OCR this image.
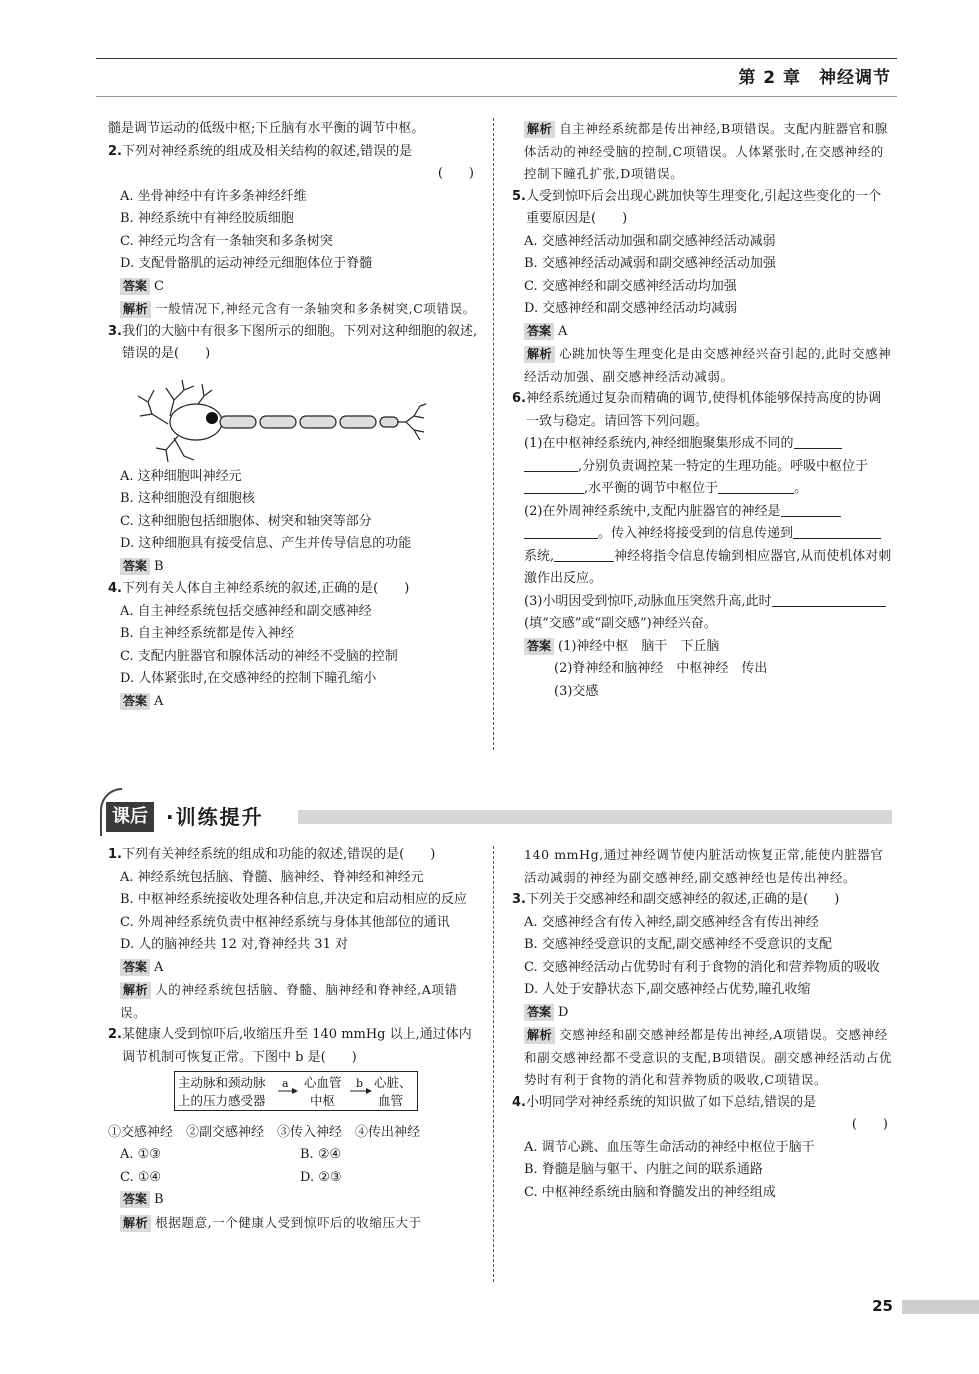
第 2 章　神经调节
髓是调节运动的低级中枢;下丘脑有水平衡的调节中枢。
2.下列对神经系统的组成及相关结构的叙述,错误的是
(　　)
A. 坐骨神经中有许多条神经纤维
B. 神经系统中有神经胶质细胞
C. 神经元均含有一条轴突和多条树突
D. 支配骨骼肌的运动神经元细胞体位于脊髓
答案 C
解析 一般情况下,神经元含有一条轴突和多条树突,C项错误。
3.我们的大脑中有很多下图所示的细胞。下列对这种细胞的叙述,错误的是(　　)
A. 这种细胞叫神经元
B. 这种细胞没有细胞核
C. 这种细胞包括细胞体、树突和轴突等部分
D. 这种细胞具有接受信息、产生并传导信息的功能
答案 B
4.下列有关人体自主神经系统的叙述,正确的是(　　)
A. 自主神经系统包括交感神经和副交感神经
B. 自主神经系统都是传入神经
C. 支配内脏器官和腺体活动的神经不受脑的控制
D. 人体紧张时,在交感神经的控制下瞳孔缩小
答案 A
解析 自主神经系统都是传出神经,B项错误。支配内脏器官和腺体活动的神经受脑的控制,C项错误。人体紧张时,在交感神经的控制下瞳孔扩张,D项错误。
5.人受到惊吓后会出现心跳加快等生理变化,引起这些变化的一个重要原因是(　　)
A. 交感神经活动加强和副交感神经活动减弱
B. 交感神经活动减弱和副交感神经活动加强
C. 交感神经和副交感神经活动均加强
D. 交感神经和副交感神经活动均减弱
答案 A
解析 心跳加快等生理变化是由交感神经兴奋引起的,此时交感神经活动加强、副交感神经活动减弱。
6.神经系统通过复杂而精确的调节,使得机体能够保持高度的协调一致与稳定。请回答下列问题。
(1)在中枢神经系统内,神经细胞聚集形成不同的,分别负责调控某一特定的生理功能。呼吸中枢位于,水平衡的调节中枢位于	。
(2)在外周神经系统中,支配内脏器官的神经是。传入神经将接受到的信息传递到系统,	神经将指令信息传输到相应器官,从而使机体对刺激作出反应。
(3)小明因受到惊吓,动脉血压突然升高,此时(填“交感”或“副交感”)神经兴奋。
答案 (1)神经中枢　脑干　下丘脑
(2)脊神经和脑神经　中枢神经　传出
(3)交感
课后 ·训练提升
1.下列有关神经系统的组成和功能的叙述,错误的是(　　)
A. 神经系统包括脑、脊髓、脑神经、脊神经和神经元
B. 中枢神经系统接收处理各种信息,并决定和启动相应的反应
C. 外周神经系统负责中枢神经系统与身体其他部位的通讯
D. 人的脑神经共 12 对,脊神经共 31 对
答案 A
解析 人的神经系统包括脑、脊髓、脑神经和脊神经,A项错误。
2.某健康人受到惊吓后,收缩压升至 140 mmHg 以上,通过体内调节机制可恢复正常。下图中 b 是(　　)
主动脉和颈动脉
上的压力感受器
a 心血管
中枢
b 心脏、
血管
①交感神经　②副交感神经　③传入神经　④传出神经
A. ①③	B. ②④
C. ①④	D. ②③
答案 B
解析 根据题意,一个健康人受到惊吓后的收缩压大于
140 mmHg,通过神经调节使内脏活动恢复正常,能使内脏器官活动减弱的神经为副交感神经,副交感神经也是传出神经。
3.下列关于交感神经和副交感神经的叙述,正确的是(　　)
A. 交感神经含有传入神经,副交感神经含有传出神经
B. 交感神经受意识的支配,副交感神经不受意识的支配
C. 交感神经活动占优势时有利于食物的消化和营养物质的吸收
D. 人处于安静状态下,副交感神经占优势,瞳孔收缩
答案 D
解析 交感神经和副交感神经都是传出神经,A项错误。交感神经和副交感神经都不受意识的支配,B项错误。副交感神经活动占优势时有利于食物的消化和营养物质的吸收,C项错误。
4.小明同学对神经系统的知识做了如下总结,错误的是
(　　)
A. 调节心跳、血压等生命活动的神经中枢位于脑干
B. 脊髓是脑与躯干、内脏之间的联系通路
C. 中枢神经系统由脑和脊髓发出的神经组成
25
